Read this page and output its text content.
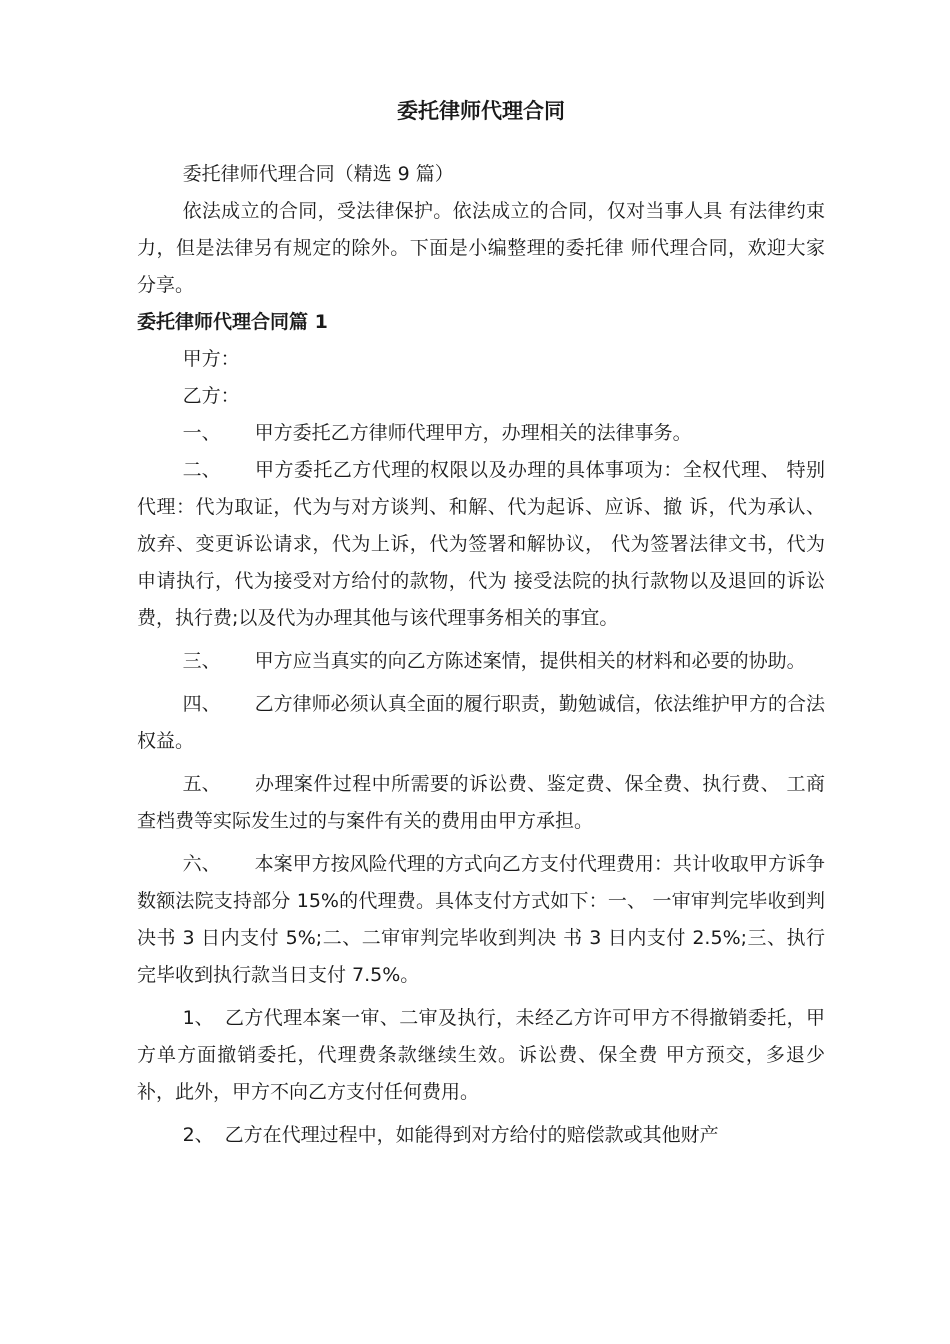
委托律师代理合同

委托律师代理合同（精选 9 篇）

依法成立的合同，受法律保护。依法成立的合同，仅对当事人具 有法律约束力，但是法律另有规定的除外。下面是小编整理的委托律 师代理合同，欢迎大家分享。

委托律师代理合同篇 1

甲方：

乙方：

一、 甲方委托乙方律师代理甲方，办理相关的法律事务。

二、 甲方委托乙方代理的权限以及办理的具体事项为：全权代理、 特别代理：代为取证，代为与对方谈判、和解、代为起诉、应诉、撤 诉，代为承认、放弃、变更诉讼请求，代为上诉，代为签署和解协议， 代为签署法律文书，代为申请执行，代为接受对方给付的款物，代为 接受法院的执行款物以及退回的诉讼费，执行费;以及代为办理其他与该代理事务相关的事宜。

三、 甲方应当真实的向乙方陈述案情，提供相关的材料和必要的协助。

四、 乙方律师必须认真全面的履行职责，勤勉诚信，依法维护甲方的合法权益。

五、 办理案件过程中所需要的诉讼费、鉴定费、保全费、执行费、 工商查档费等实际发生过的与案件有关的费用由甲方承担。

六、 本案甲方按风险代理的方式向乙方支付代理费用：共计收取甲方诉争数额法院支持部分 15%的代理费。具体支付方式如下：一、 一审审判完毕收到判决书 3 日内支付 5%;二、二审审判完毕收到判决 书 3 日内支付 2.5%;三、执行完毕收到执行款当日支付 7.5%。

1、 乙方代理本案一审、二审及执行，未经乙方许可甲方不得撤销委托，甲方单方面撤销委托，代理费条款继续生效。诉讼费、保全费 甲方预交，多退少补，此外，甲方不向乙方支付任何费用。

2、 乙方在代理过程中，如能得到对方给付的赔偿款或其他财产
